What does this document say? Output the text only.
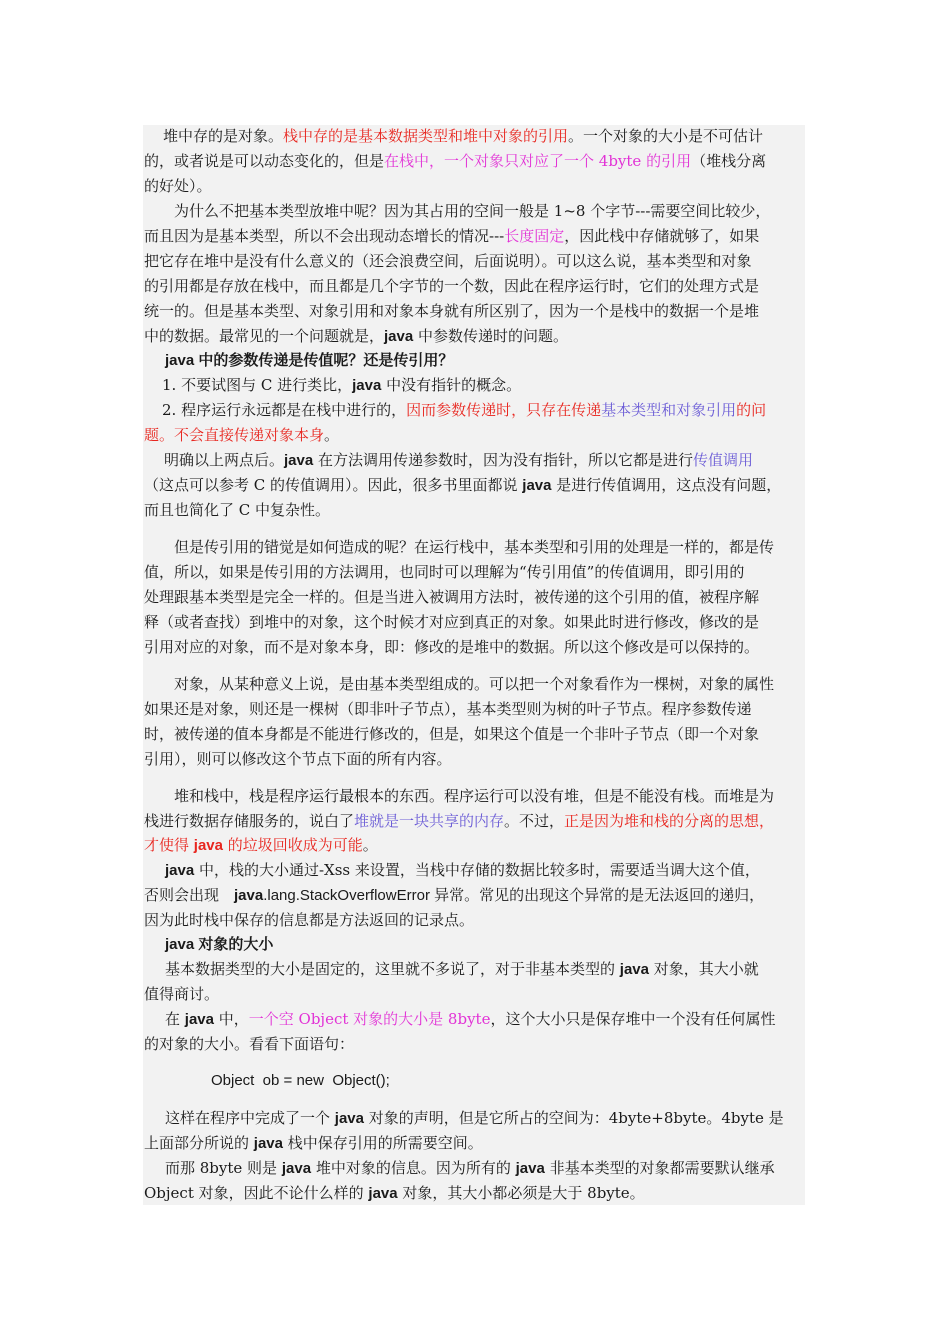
　堆中存的是对象。栈中存的是基本数据类型和堆中对象的引用。一个对象的大小是不可估计
的，或者说是可以动态变化的，但是在栈中，一个对象只对应了一个 4byte 的引用（堆栈分离
的好处）。
　　为什么不把基本类型放堆中呢？因为其占用的空间一般是 1~8 个字节---需要空间比较少，
而且因为是基本类型，所以不会出现动态增长的情况---长度固定，因此栈中存储就够了，如果
把它存在堆中是没有什么意义的（还会浪费空间，后面说明）。可以这么说，基本类型和对象
的引用都是存放在栈中，而且都是几个字节的一个数，因此在程序运行时，它们的处理方式是
统一的。但是基本类型、对象引用和对象本身就有所区别了，因为一个是栈中的数据一个是堆
中的数据。最常见的一个问题就是，java 中参数传递时的问题。
java 中的参数传递是传值呢？还是传引用？
1. 不要试图与 C 进行类比，java 中没有指针的概念。
2. 程序运行永远都是在栈中进行的，因而参数传递时，只存在传递基本类型和对象引用的问
题。不会直接传递对象本身。
明确以上两点后。java 在方法调用传递参数时，因为没有指针，所以它都是进行传值调用
（这点可以参考 C 的传值调用）。因此，很多书里面都说 java 是进行传值调用，这点没有问题，
而且也简化了 C 中复杂性。
　　但是传引用的错觉是如何造成的呢？在运行栈中，基本类型和引用的处理是一样的，都是传
值，所以，如果是传引用的方法调用，也同时可以理解为“传引用值”的传值调用，即引用的
处理跟基本类型是完全一样的。但是当进入被调用方法时，被传递的这个引用的值，被程序解
释（或者查找）到堆中的对象，这个时候才对应到真正的对象。如果此时进行修改，修改的是
引用对应的对象，而不是对象本身，即：修改的是堆中的数据。所以这个修改是可以保持的。
　　对象，从某种意义上说，是由基本类型组成的。可以把一个对象看作为一棵树，对象的属性
如果还是对象，则还是一棵树（即非叶子节点），基本类型则为树的叶子节点。程序参数传递
时，被传递的值本身都是不能进行修改的，但是，如果这个值是一个非叶子节点（即一个对象
引用），则可以修改这个节点下面的所有内容。
　　堆和栈中，栈是程序运行最根本的东西。程序运行可以没有堆，但是不能没有栈。而堆是为
栈进行数据存储服务的，说白了堆就是一块共享的内存。不过，正是因为堆和栈的分离的思想，
才使得 java 的垃圾回收成为可能。
java 中，栈的大小通过-Xss 来设置，当栈中存储的数据比较多时，需要适当调大这个值，
否则会出现　java.lang.StackOverflowError 异常。常见的出现这个异常的是无法返回的递归，
因为此时栈中保存的信息都是方法返回的记录点。
java 对象的大小
基本数据类型的大小是固定的，这里就不多说了，对于非基本类型的 java 对象，其大小就
值得商讨。
在 java 中，一个空 Object 对象的大小是 8byte，这个大小只是保存堆中一个没有任何属性
的对象的大小。看看下面语句：
Object  ob = new  Object();
这样在程序中完成了一个 java 对象的声明，但是它所占的空间为：4byte+8byte。4byte 是
上面部分所说的 java 栈中保存引用的所需要空间。
而那 8byte 则是 java 堆中对象的信息。因为所有的 java 非基本类型的对象都需要默认继承
Object 对象，因此不论什么样的 java 对象，其大小都必须是大于 8byte。
